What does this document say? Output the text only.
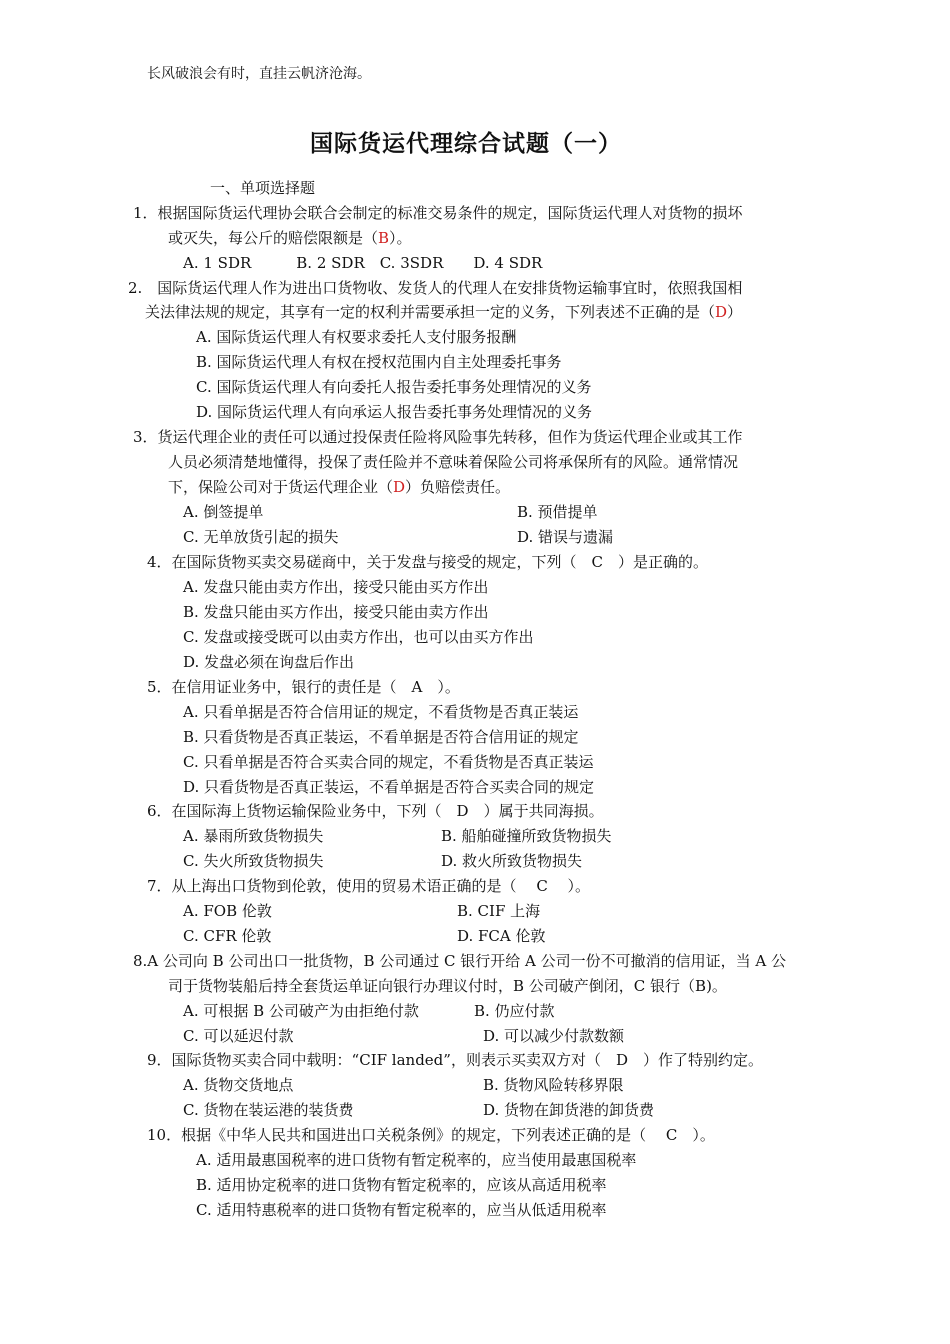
长风破浪会有时，直挂云帆济沧海。
国际货运代理综合试题（一）
一、单项选择题
1．根据国际货运代理协会联合会制定的标准交易条件的规定，国际货运代理人对货物的损坏
或灭失，每公斤的赔偿限额是（B）。
A. 1 SDR　　　B. 2 SDR　C. 3SDR　　D. 4 SDR
2.　国际货运代理人作为进出口货物收、发货人的代理人在安排货物运输事宜时，依照我国相
关法律法规的规定，其享有一定的权利并需要承担一定的义务，下列表述不正确的是（D）
A. 国际货运代理人有权要求委托人支付服务报酬
B. 国际货运代理人有权在授权范围内自主处理委托事务
C. 国际货运代理人有向委托人报告委托事务处理情况的义务
D. 国际货运代理人有向承运人报告委托事务处理情况的义务
3．货运代理企业的责任可以通过投保责任险将风险事先转移，但作为货运代理企业或其工作
人员必须清楚地懂得，投保了责任险并不意味着保险公司将承保所有的风险。通常情况
下，保险公司对于货运代理企业（D）负赔偿责任。
A. 倒签提单	B. 预借提单
C. 无单放货引起的损失	D. 错误与遗漏
4．在国际货物买卖交易磋商中，关于发盘与接受的规定，下列（　C　）是正确的。
A. 发盘只能由卖方作出，接受只能由买方作出
B. 发盘只能由买方作出，接受只能由卖方作出
C. 发盘或接受既可以由卖方作出，也可以由买方作出
D. 发盘必须在询盘后作出
5．在信用证业务中，银行的责任是（　A　）。
A. 只看单据是否符合信用证的规定，不看货物是否真正装运
B. 只看货物是否真正装运，不看单据是否符合信用证的规定
C. 只看单据是否符合买卖合同的规定，不看货物是否真正装运
D. 只看货物是否真正装运，不看单据是否符合买卖合同的规定
6．在国际海上货物运输保险业务中，下列（　D　）属于共同海损。
A. 暴雨所致货物损失	B. 船舶碰撞所致货物损失
C. 失火所致货物损失	D. 救火所致货物损失
7．从上海出口货物到伦敦，使用的贸易术语正确的是（　 C　 ）。
A. FOB 伦敦	B. CIF 上海
C. CFR 伦敦	D. FCA 伦敦
8.A 公司向 B 公司出口一批货物，B 公司通过 C 银行开给 A 公司一份不可撤消的信用证，当 A 公
司于货物装船后持全套货运单证向银行办理议付时，B 公司破产倒闭，C 银行（B)。
A. 可根据 B 公司破产为由拒绝付款	B. 仍应付款
C. 可以延迟付款	D. 可以减少付款数额
9．国际货物买卖合同中载明：“CIF landed”，则表示买卖双方对（　D　）作了特别约定。
A. 货物交货地点	B. 货物风险转移界限
C. 货物在装运港的装货费	D. 货物在卸货港的卸货费
10．根据《中华人民共和国进出口关税条例》的规定，下列表述正确的是（　 C　）。
A. 适用最惠国税率的进口货物有暂定税率的，应当使用最惠国税率
B. 适用协定税率的进口货物有暂定税率的，应该从高适用税率
C. 适用特惠税率的进口货物有暂定税率的，应当从低适用税率
